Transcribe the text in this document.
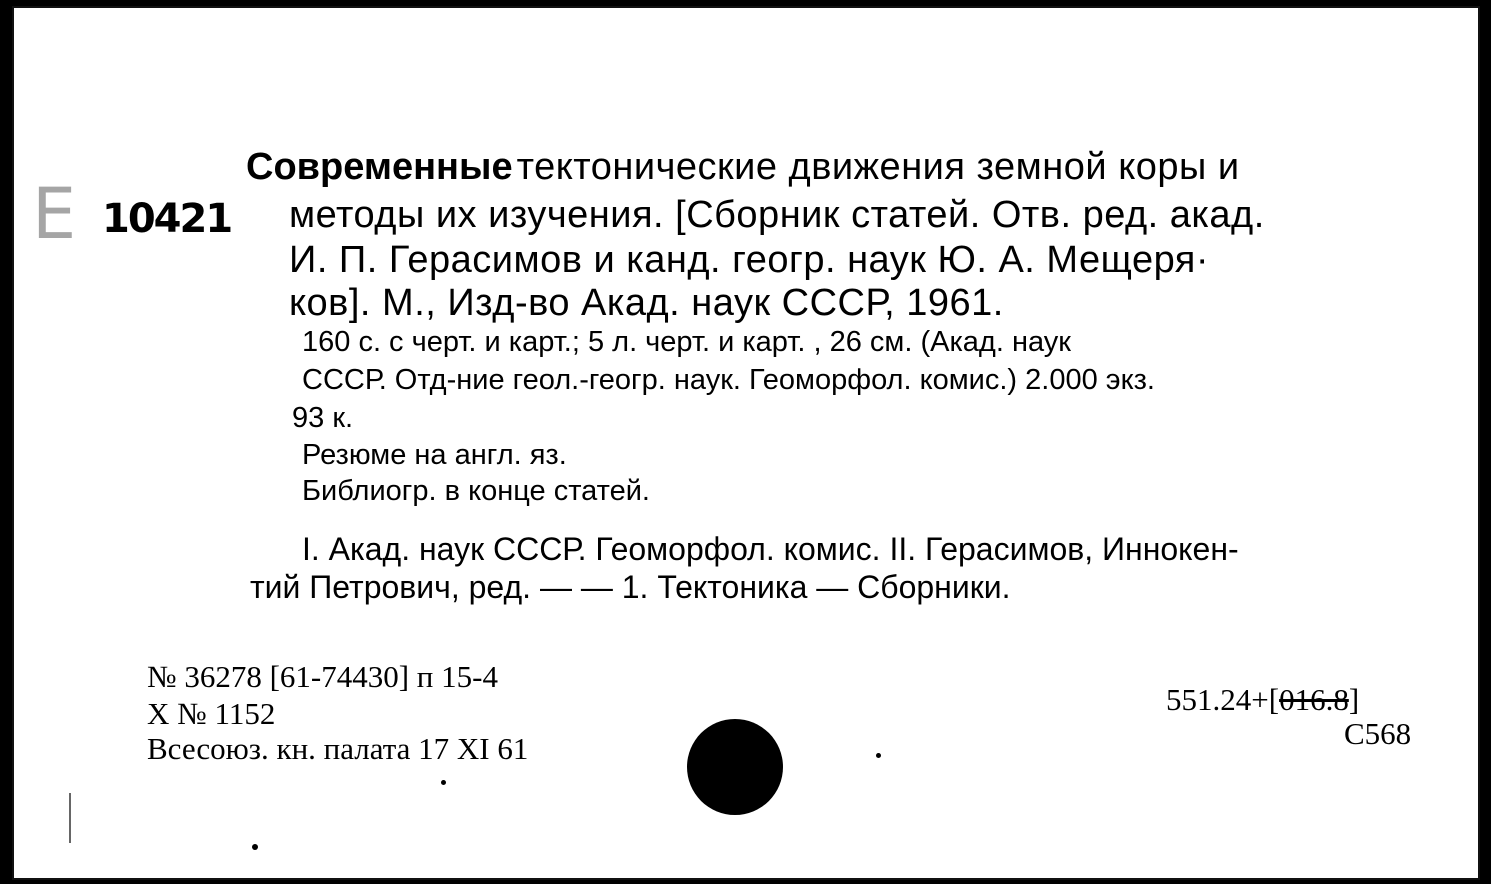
E 10421
Современные тектонические движения земной коры и
методы их изучения. [Сборник статей. Отв. ред. акад.
И. П. Герасимов и канд. геогр. наук Ю. А. Мещеря·
ков]. М., Изд-во Акад. наук СССР, 1961.
160 с. с черт. и карт.; 5 л. черт. и карт. , 26 см. (Акад. наук
СССР. Отд-ние геол.-геогр. наук. Геоморфол. комис.) 2.000 экз.
93 к.
Резюме на англ. яз.
Библиогр. в конце статей.
I. Акад. наук СССР. Геоморфол. комис. II. Герасимов, Иннокен-
тий Петрович, ред. — — 1. Тектоника — Сборники.
№ 36278 [61-74430] п 15-4
X № 1152
Всесоюз. кн. палата 17 XI 61
551.24+[016.8]
С568
